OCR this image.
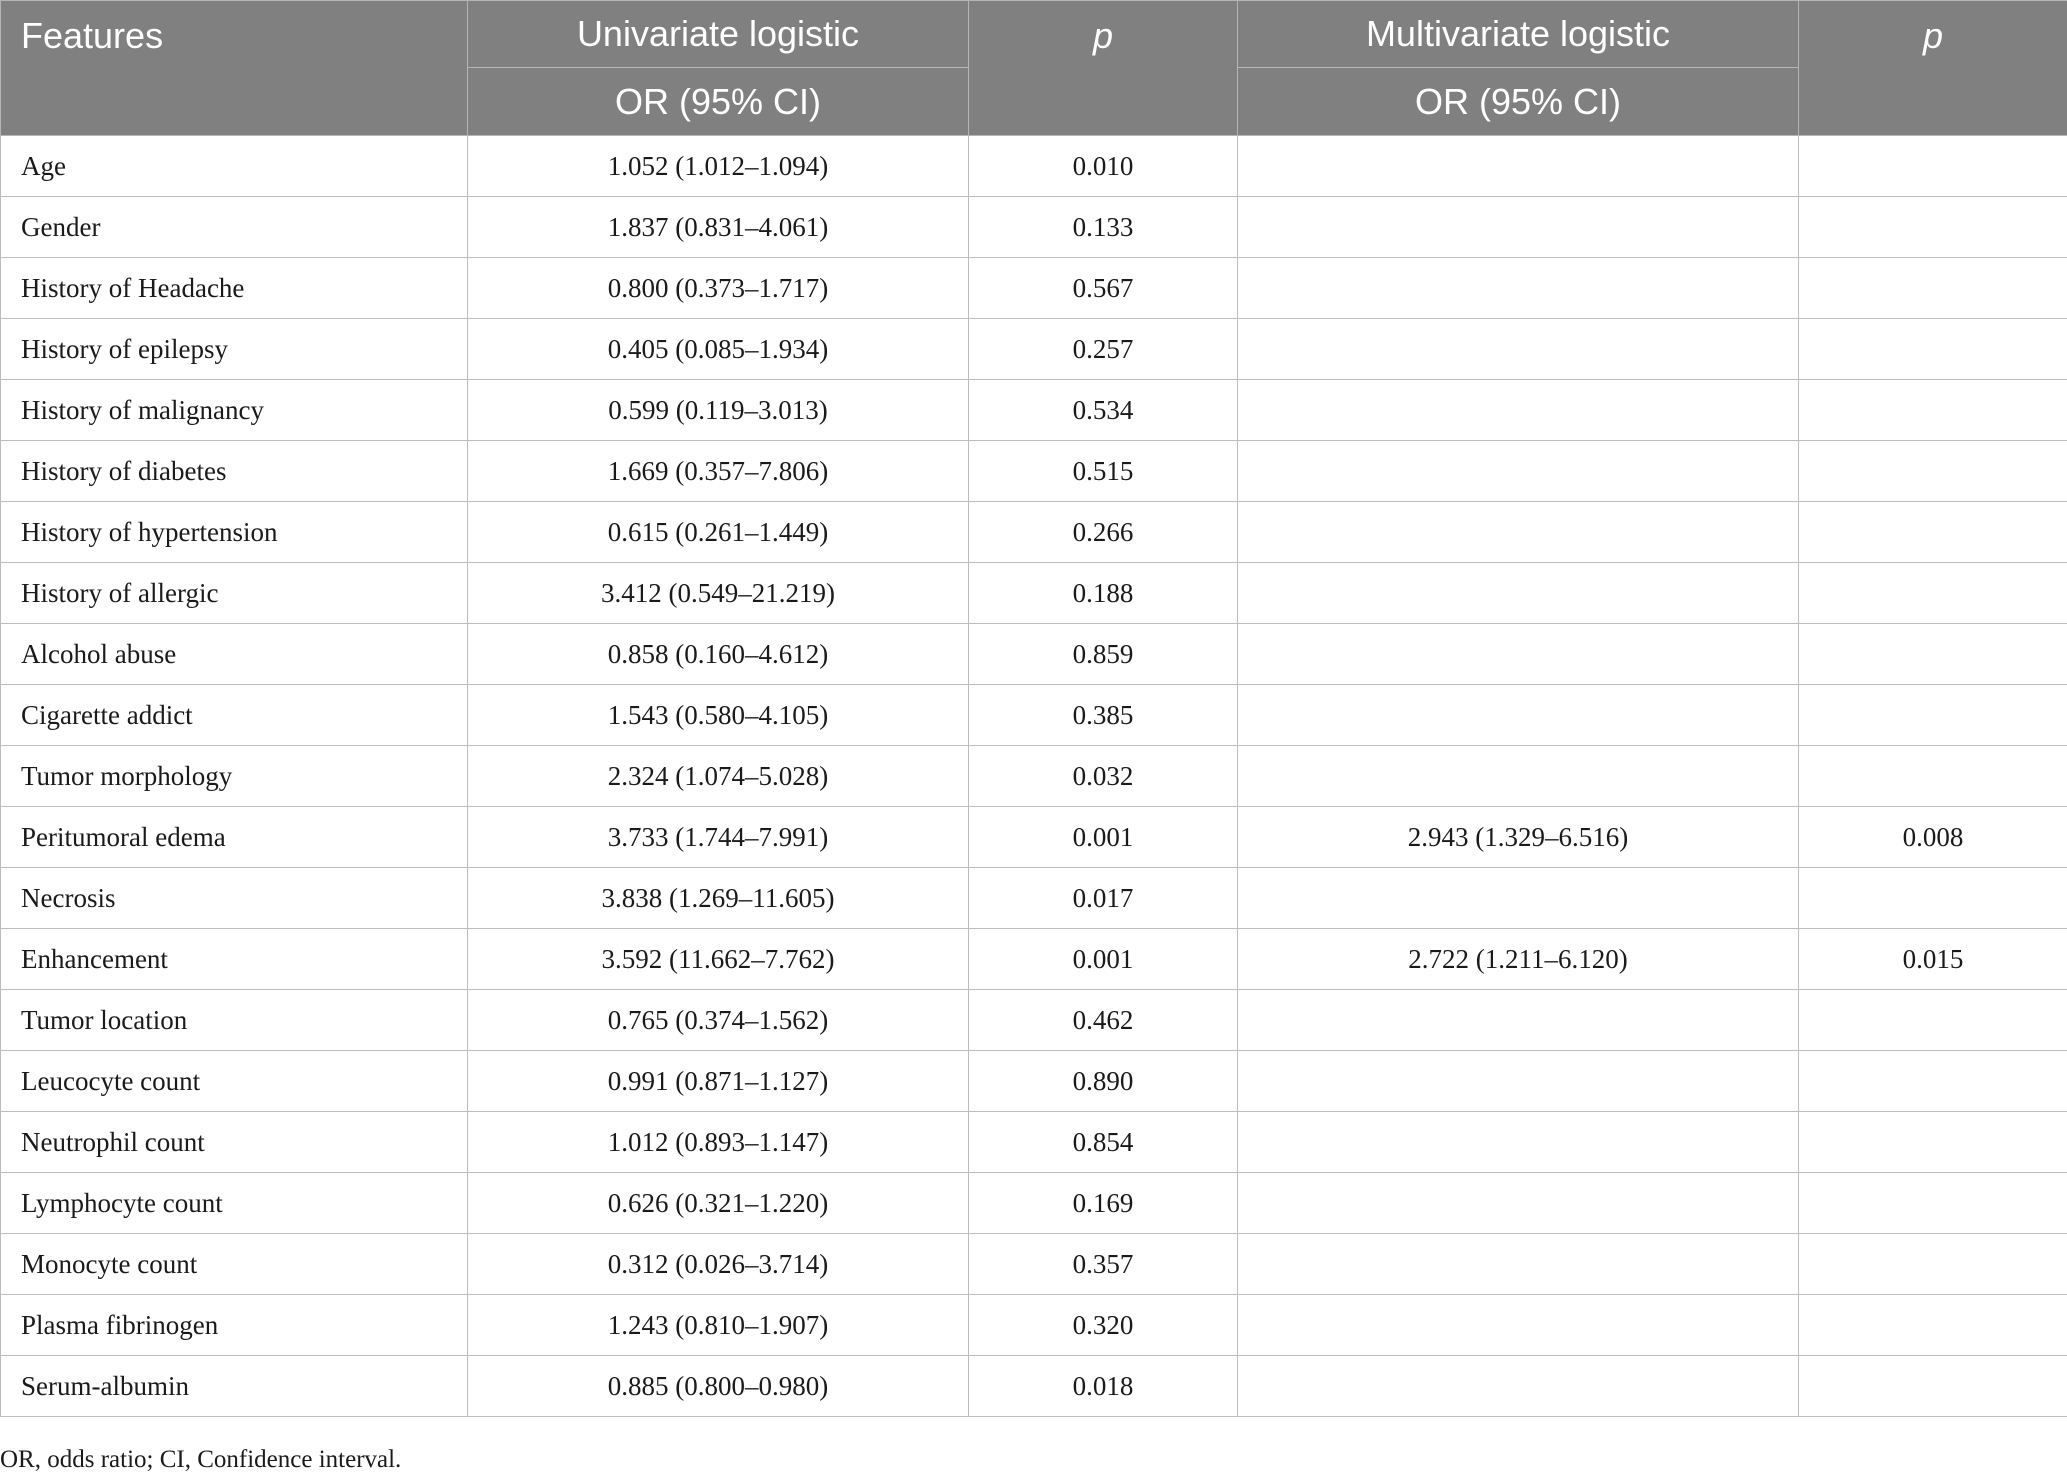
Features	Univariate logistic	p	Multivariate logistic	p
	OR (95% CI)		OR (95% CI)	
Age	1.052 (1.012–1.094)	0.010		
Gender	1.837 (0.831–4.061)	0.133		
History of Headache	0.800 (0.373–1.717)	0.567		
History of epilepsy	0.405 (0.085–1.934)	0.257		
History of malignancy	0.599 (0.119–3.013)	0.534		
History of diabetes	1.669 (0.357–7.806)	0.515		
History of hypertension	0.615 (0.261–1.449)	0.266		
History of allergic	3.412 (0.549–21.219)	0.188		
Alcohol abuse	0.858 (0.160–4.612)	0.859		
Cigarette addict	1.543 (0.580–4.105)	0.385		
Tumor morphology	2.324 (1.074–5.028)	0.032		
Peritumoral edema	3.733 (1.744–7.991)	0.001	2.943 (1.329–6.516)	0.008
Necrosis	3.838 (1.269–11.605)	0.017		
Enhancement	3.592 (11.662–7.762)	0.001	2.722 (1.211–6.120)	0.015
Tumor location	0.765 (0.374–1.562)	0.462		
Leucocyte count	0.991 (0.871–1.127)	0.890		
Neutrophil count	1.012 (0.893–1.147)	0.854		
Lymphocyte count	0.626 (0.321–1.220)	0.169		
Monocyte count	0.312 (0.026–3.714)	0.357		
Plasma fibrinogen	1.243 (0.810–1.907)	0.320		
Serum-albumin	0.885 (0.800–0.980)	0.018		
OR, odds ratio; CI, Confidence interval.
